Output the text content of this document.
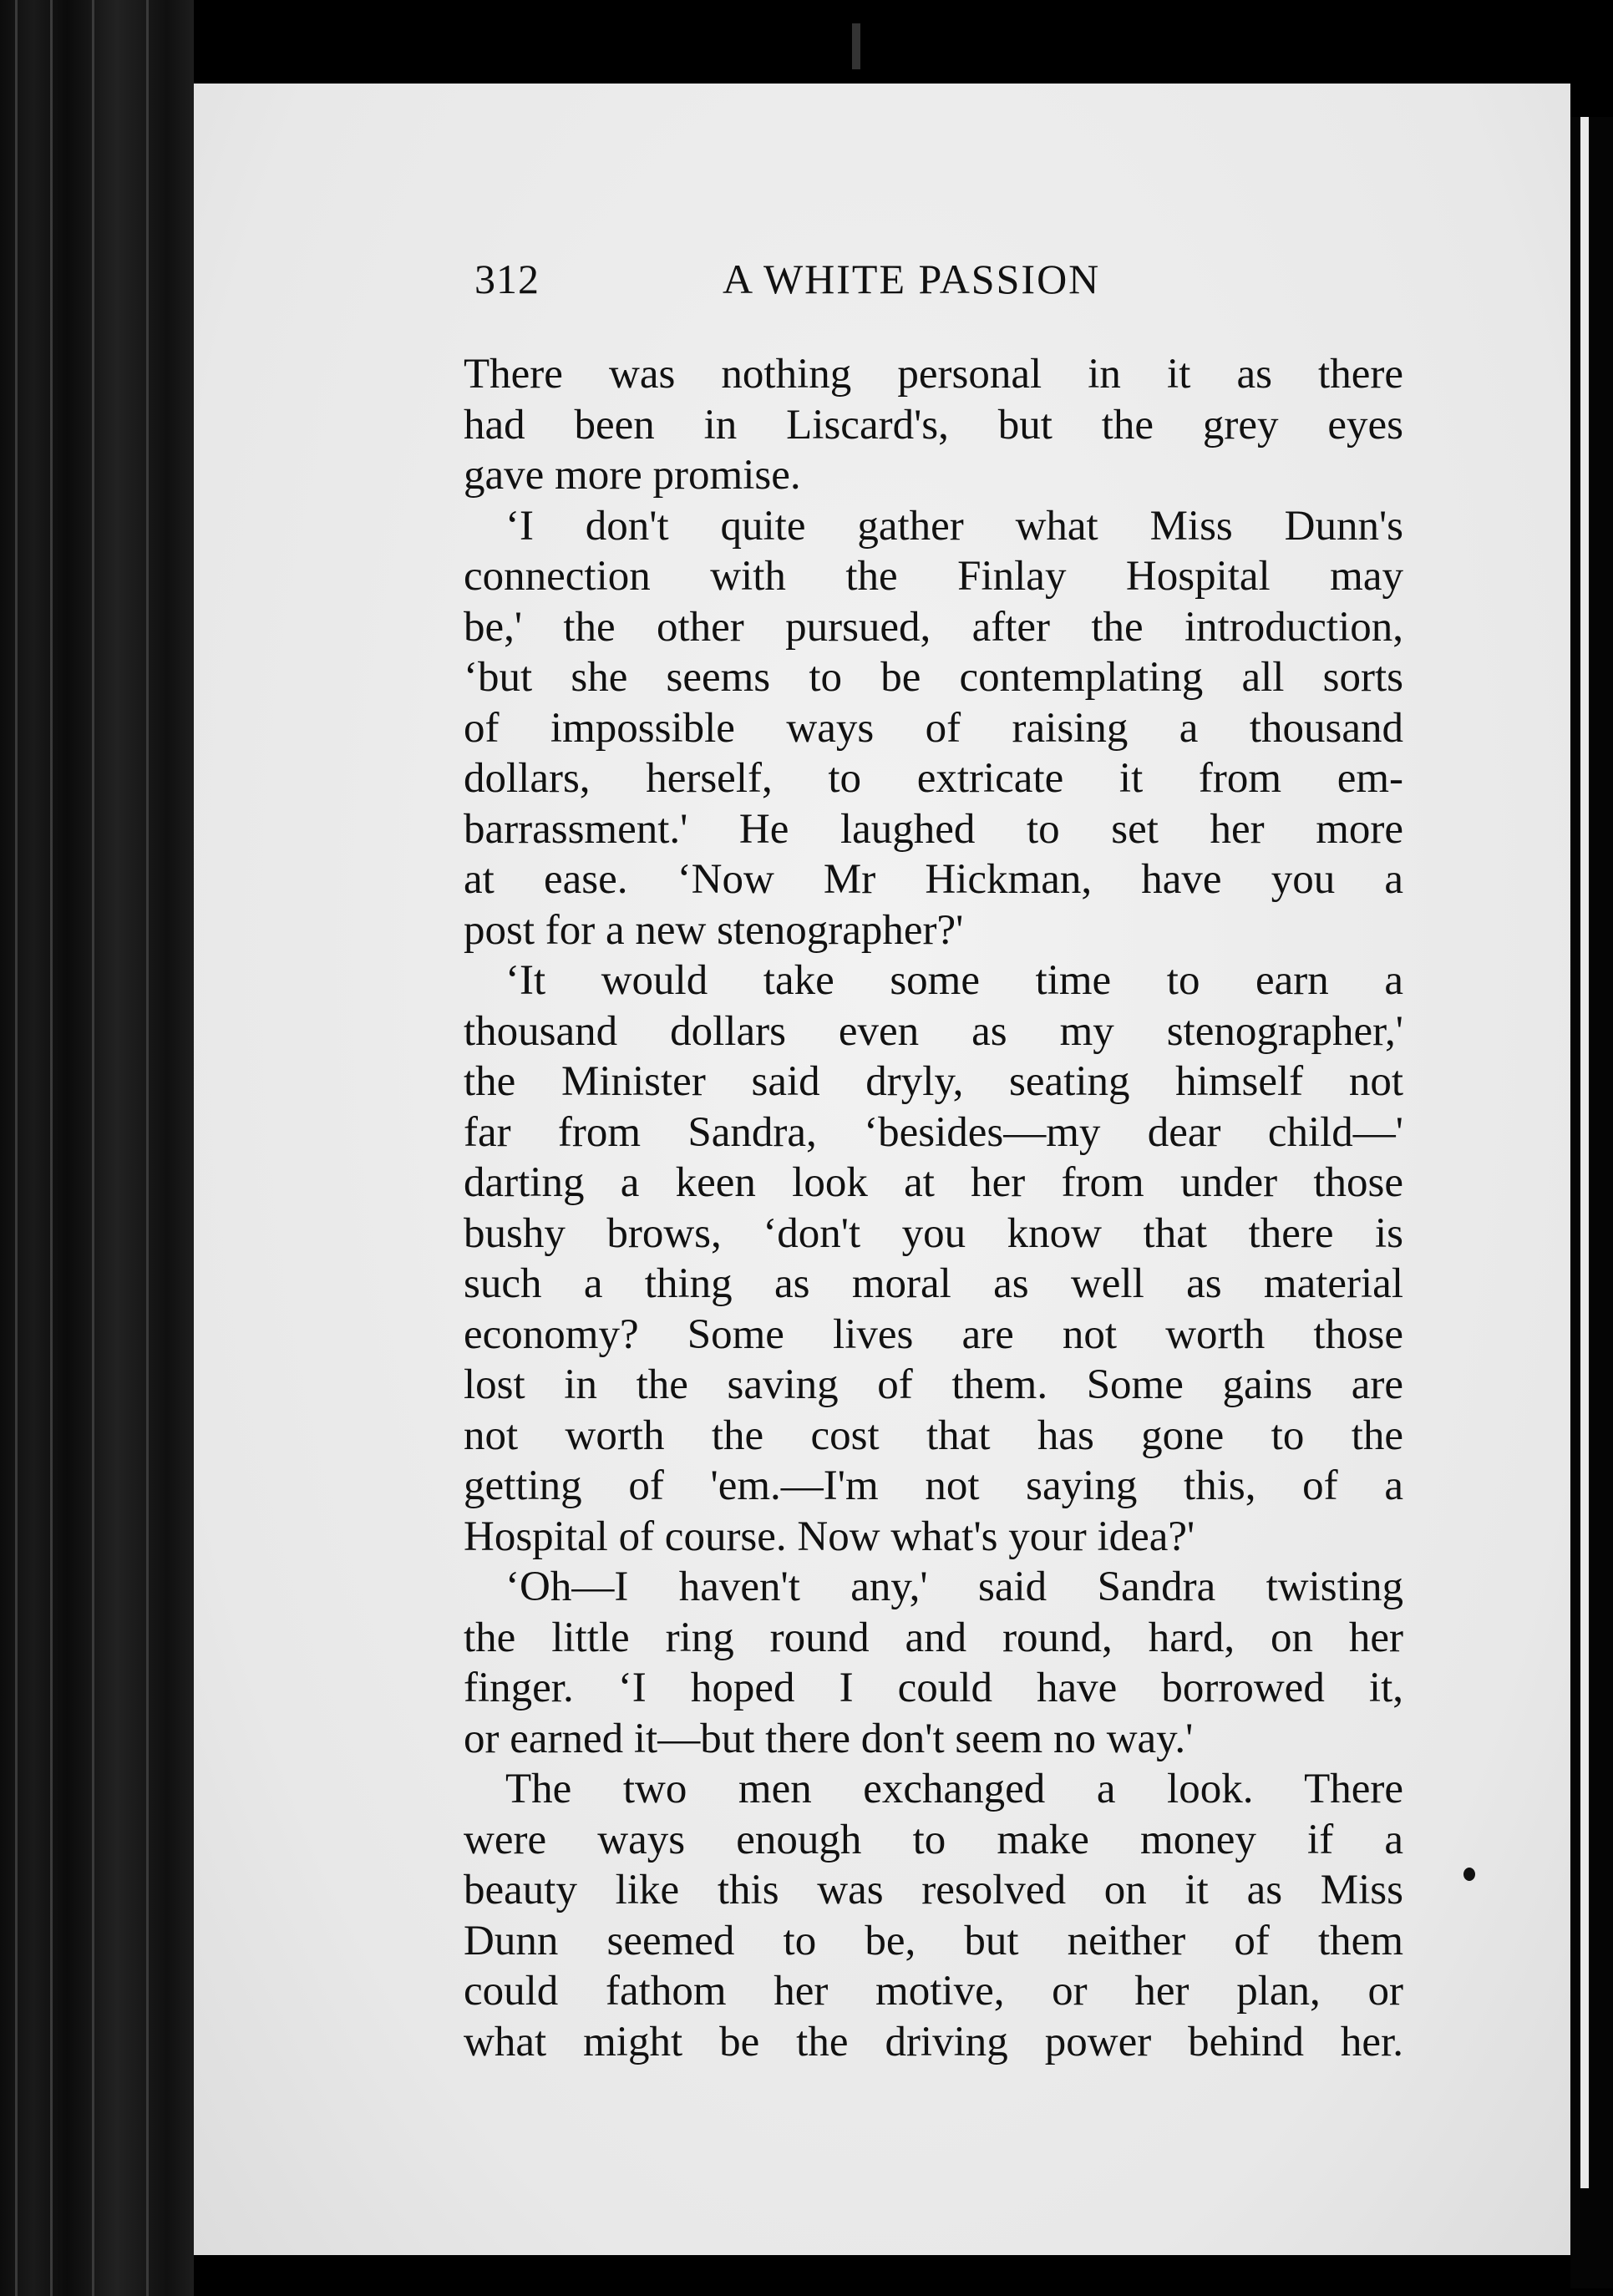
312	A WHITE PASSION
There was nothing personal in it as there
had been in Liscard's, but the grey eyes
gave more promise.
‘I don't quite gather what Miss Dunn's
connection with the Finlay Hospital may
be,' the other pursued, after the introduction,
‘but she seems to be contemplating all sorts
of impossible ways of raising a thousand
dollars, herself, to extricate it from em-
barrassment.' He laughed to set her more
at ease. ‘Now Mr Hickman, have you a
post for a new stenographer?'
‘It would take some time to earn a
thousand dollars even as my stenographer,'
the Minister said dryly, seating himself not
far from Sandra, ‘besides—my dear child—'
darting a keen look at her from under those
bushy brows, ‘don't you know that there is
such a thing as moral as well as material
economy? Some lives are not worth those
lost in the saving of them. Some gains are
not worth the cost that has gone to the
getting of 'em.—I'm not saying this, of a
Hospital of course. Now what's your idea?'
‘Oh—I haven't any,' said Sandra twisting
the little ring round and round, hard, on her
finger. ‘I hoped I could have borrowed it,
or earned it—but there don't seem no way.'
The two men exchanged a look. There
were ways enough to make money if a
beauty like this was resolved on it as Miss
Dunn seemed to be, but neither of them
could fathom her motive, or her plan, or
what might be the driving power behind her.
